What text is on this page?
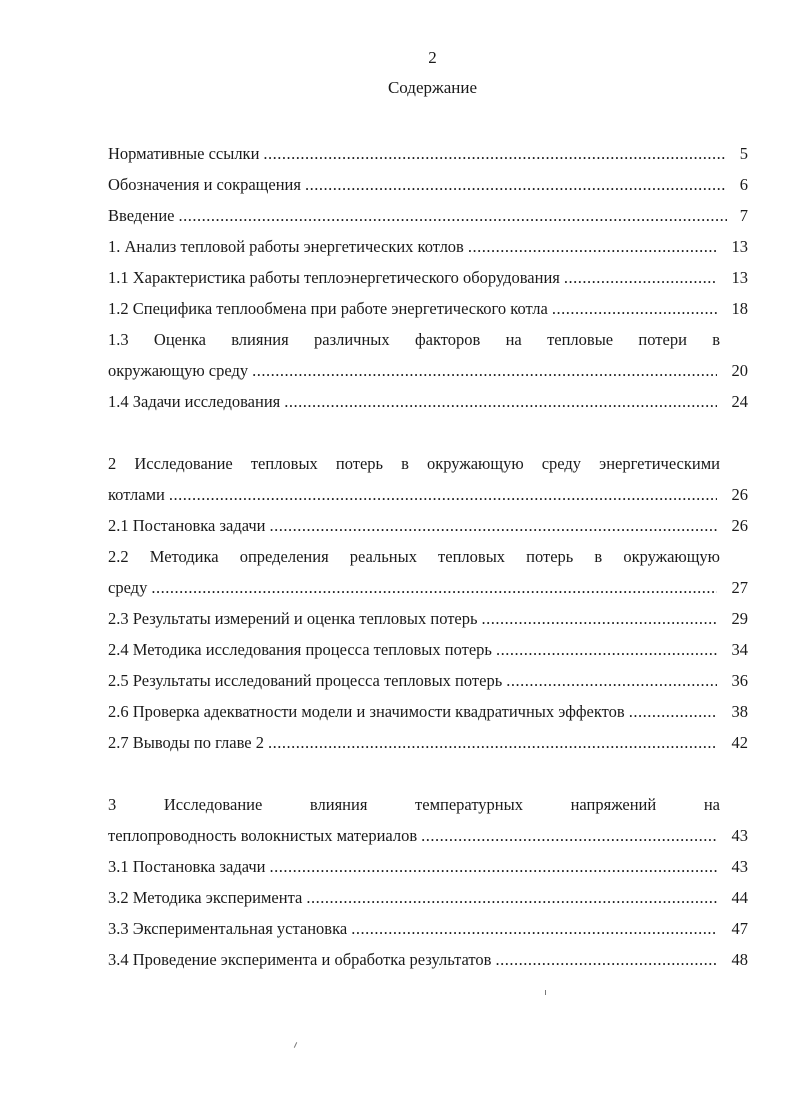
2
Содержание
Нормативные ссылки .....	5
Обозначения и сокращения .....	6
Введение .....	7
1. Анализ тепловой работы энергетических котлов .....	13
1.1 Характеристика работы теплоэнергетического оборудования .....	13
1.2 Специфика теплообмена при работе энергетического котла .....	18
1.3 Оценка влияния различных факторов на тепловые потери в
окружающую среду .....	20
1.4 Задачи исследования .....	24
2 Исследование тепловых потерь в окружающую среду энергетическими
котлами .....	26
2.1 Постановка задачи .....	26
2.2 Методика определения реальных тепловых потерь в окружающую
среду .....	27
2.3 Результаты измерений и оценка тепловых потерь .....	29
2.4 Методика исследования процесса тепловых потерь .....	34
2.5 Результаты исследований процесса тепловых потерь .....	36
2.6 Проверка адекватности модели и значимости квадратичных эффектов .....	38
2.7 Выводы по главе 2 .....	42
3 Исследование влияния температурных напряжений на
теплопроводность волокнистых материалов .....	43
3.1 Постановка задачи .....	43
3.2 Методика эксперимента .....	44
3.3 Экспериментальная установка .....	47
3.4 Проведение эксперимента и обработка результатов .....	48
